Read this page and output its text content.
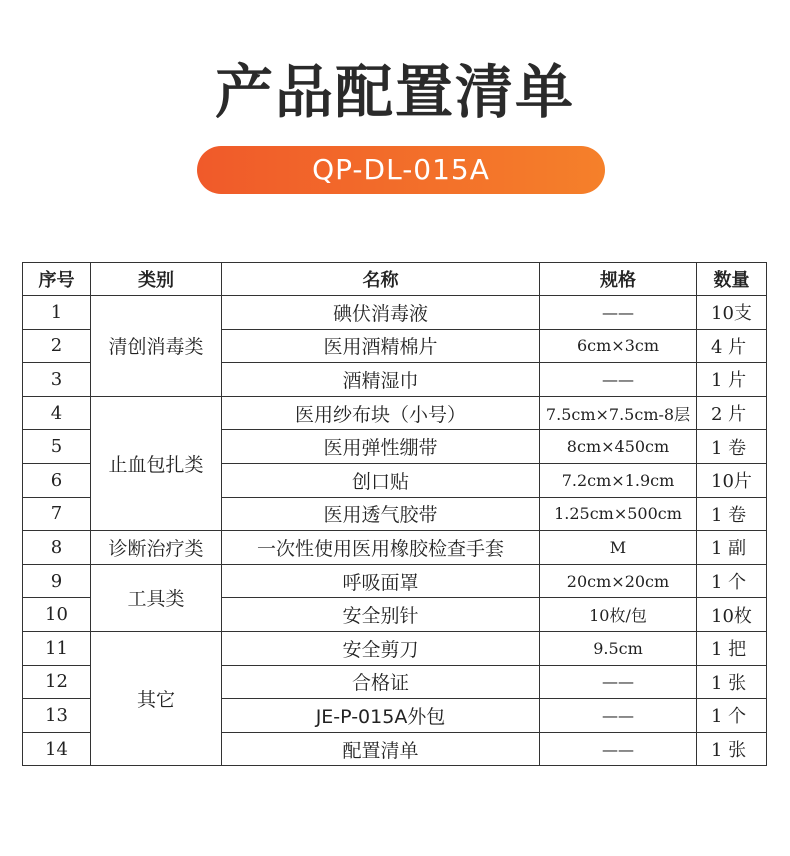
产品配置清单
QP-DL-015A
序号	类别	名称	规格	数量
1	清创消毒类	碘伏消毒液	——	10支
2		医用酒精棉片	6cm×3cm	4 片
3		酒精湿巾	——	1 片
4	止血包扎类	医用纱布块（小号）	7.5cm×7.5cm-8层	2 片
5		医用弹性绷带	8cm×450cm	1 卷
6		创口贴	7.2cm×1.9cm	10片
7		医用透气胶带	1.25cm×500cm	1 卷
8	诊断治疗类	一次性使用医用橡胶检查手套	M	1 副
9	工具类	呼吸面罩	20cm×20cm	1 个
10		安全别针	10枚/包	10枚
11	其它	安全剪刀	9.5cm	1 把
12		合格证	——	1 张
13		JE-P-015A外包	——	1 个
14		配置清单	——	1 张
